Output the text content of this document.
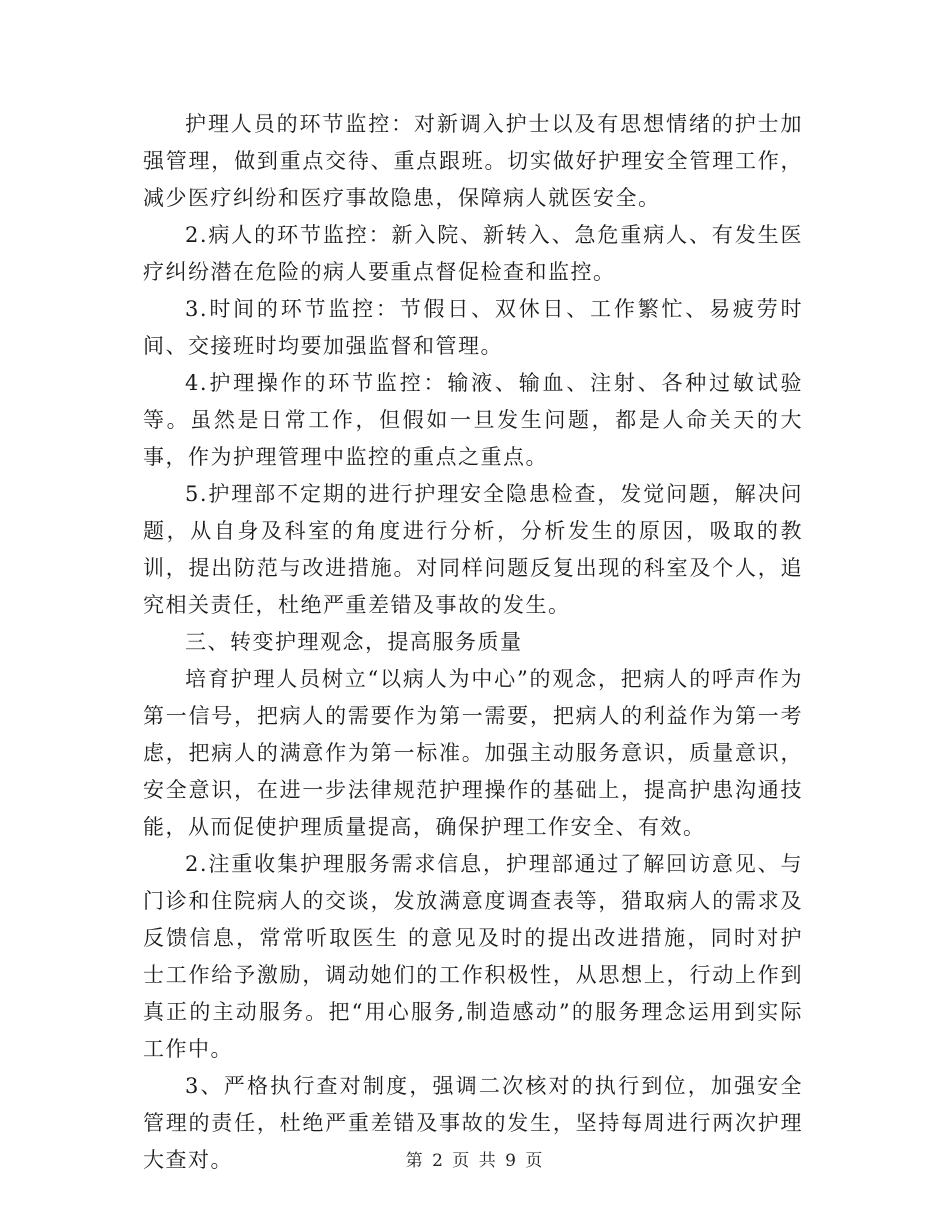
护理人员的环节监控：对新调入护士以及有思想情绪的护士加强管理，做到重点交待、重点跟班。切实做好护理安全管理工作，减少医疗纠纷和医疗事故隐患，保障病人就医安全。

2.病人的环节监控：新入院、新转入、急危重病人、有发生医疗纠纷潜在危险的病人要重点督促检查和监控。

3.时间的环节监控：节假日、双休日、工作繁忙、易疲劳时间、交接班时均要加强监督和管理。

4.护理操作的环节监控：输液、输血、注射、各种过敏试验等。虽然是日常工作，但假如一旦发生问题，都是人命关天的大事，作为护理管理中监控的重点之重点。

5.护理部不定期的进行护理安全隐患检查，发觉问题，解决问题，从自身及科室的角度进行分析，分析发生的原因，吸取的教训，提出防范与改进措施。对同样问题反复出现的科室及个人，追究相关责任，杜绝严重差错及事故的发生。

三、转变护理观念，提高服务质量

培育护理人员树立“以病人为中心”的观念，把病人的呼声作为第一信号，把病人的需要作为第一需要，把病人的利益作为第一考虑，把病人的满意作为第一标准。加强主动服务意识，质量意识，安全意识，在进一步法律规范护理操作的基础上，提高护患沟通技能，从而促使护理质量提高，确保护理工作安全、有效。

2.注重收集护理服务需求信息，护理部通过了解回访意见、与门诊和住院病人的交谈，发放满意度调查表等，猎取病人的需求及反馈信息，常常听取医生 的意见及时的提出改进措施，同时对护士工作给予激励，调动她们的工作积极性，从思想上，行动上作到真正的主动服务。把“用心服务,制造感动”的服务理念运用到实际工作中。

3、严格执行查对制度，强调二次核对的执行到位，加强安全管理的责任，杜绝严重差错及事故的发生，坚持每周进行两次护理大查对。	第 2 页 共 9 页
